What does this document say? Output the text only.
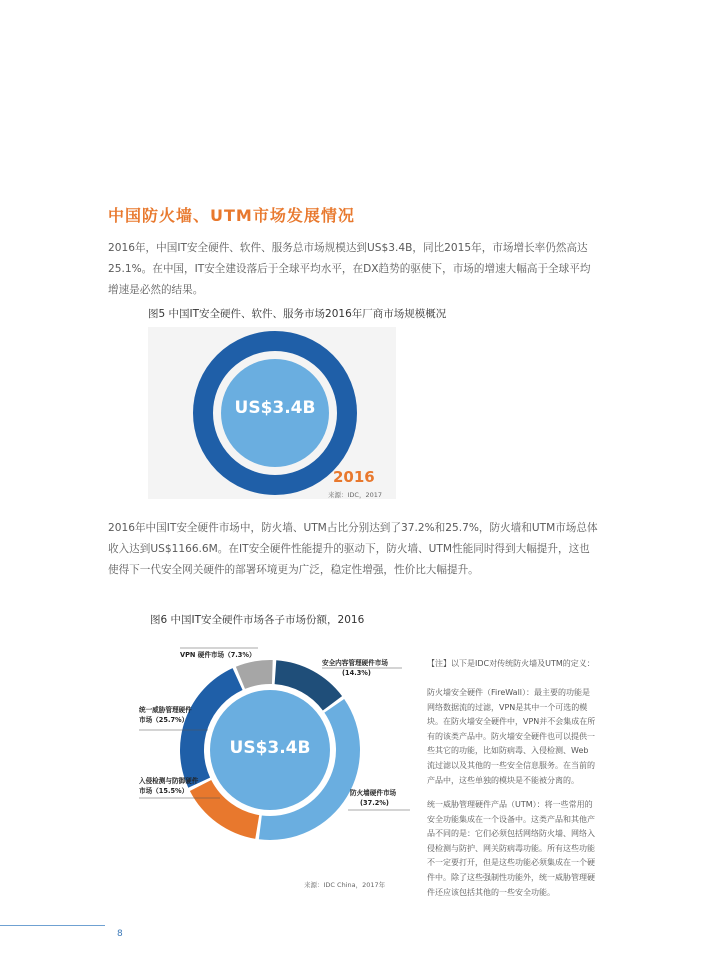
中国防火墙、UTM市场发展情况
2016年，中国IT安全硬件、软件、服务总市场规模达到US$3.4B，同比2015年，市场增长率仍然高达
25.1%。在中国，IT安全建设落后于全球平均水平，在DX趋势的驱使下，市场的增速大幅高于全球平均
增速是必然的结果。
图5 中国IT安全硬件、软件、服务市场2016年厂商市场规模概况
US$3.4B
2016
来源：IDC，2017
2016年中国IT安全硬件市场中，防火墙、UTM占比分别达到了37.2%和25.7%，防火墙和UTM市场总体
收入达到US$1166.6M。在IT安全硬件性能提升的驱动下，防火墙、UTM性能同时得到大幅提升，这也
使得下一代安全网关硬件的部署环境更为广泛，稳定性增强，性价比大幅提升。
图6 中国IT安全硬件市场各子市场份额，2016
US$3.4B
VPN 硬件市场（7.3%）
安全内容管理硬件市场
(14.3%)
统一威胁管理硬件
市场（25.7%）
入侵检测与防御硬件
市场（15.5%）	防火墙硬件市场
(37.2%)
来源：IDC China，2017年
【注】以下是IDC对传统防火墙及UTM的定义：
防火墙安全硬件（FireWall）：最主要的功能是
网络数据流的过滤，VPN是其中一个可选的模
块。在防火墙安全硬件中，VPN并不会集成在所
有的该类产品中。防火墙安全硬件也可以提供一
些其它的功能，比如防病毒、入侵检测、Web
流过滤以及其他的一些安全信息服务。在当前的
产品中，这些单独的模块是不能被分离的。
统一威胁管理硬件产品（UTM）：将一些常用的
安全功能集成在一个设备中。这类产品和其他产
品不同的是：它们必须包括网络防火墙、网络入
侵检测与防护、网关防病毒功能。所有这些功能
不一定要打开，但是这些功能必须集成在一个硬
件中。除了这些强制性功能外，统一威胁管理硬
件还应该包括其他的一些安全功能。
8
